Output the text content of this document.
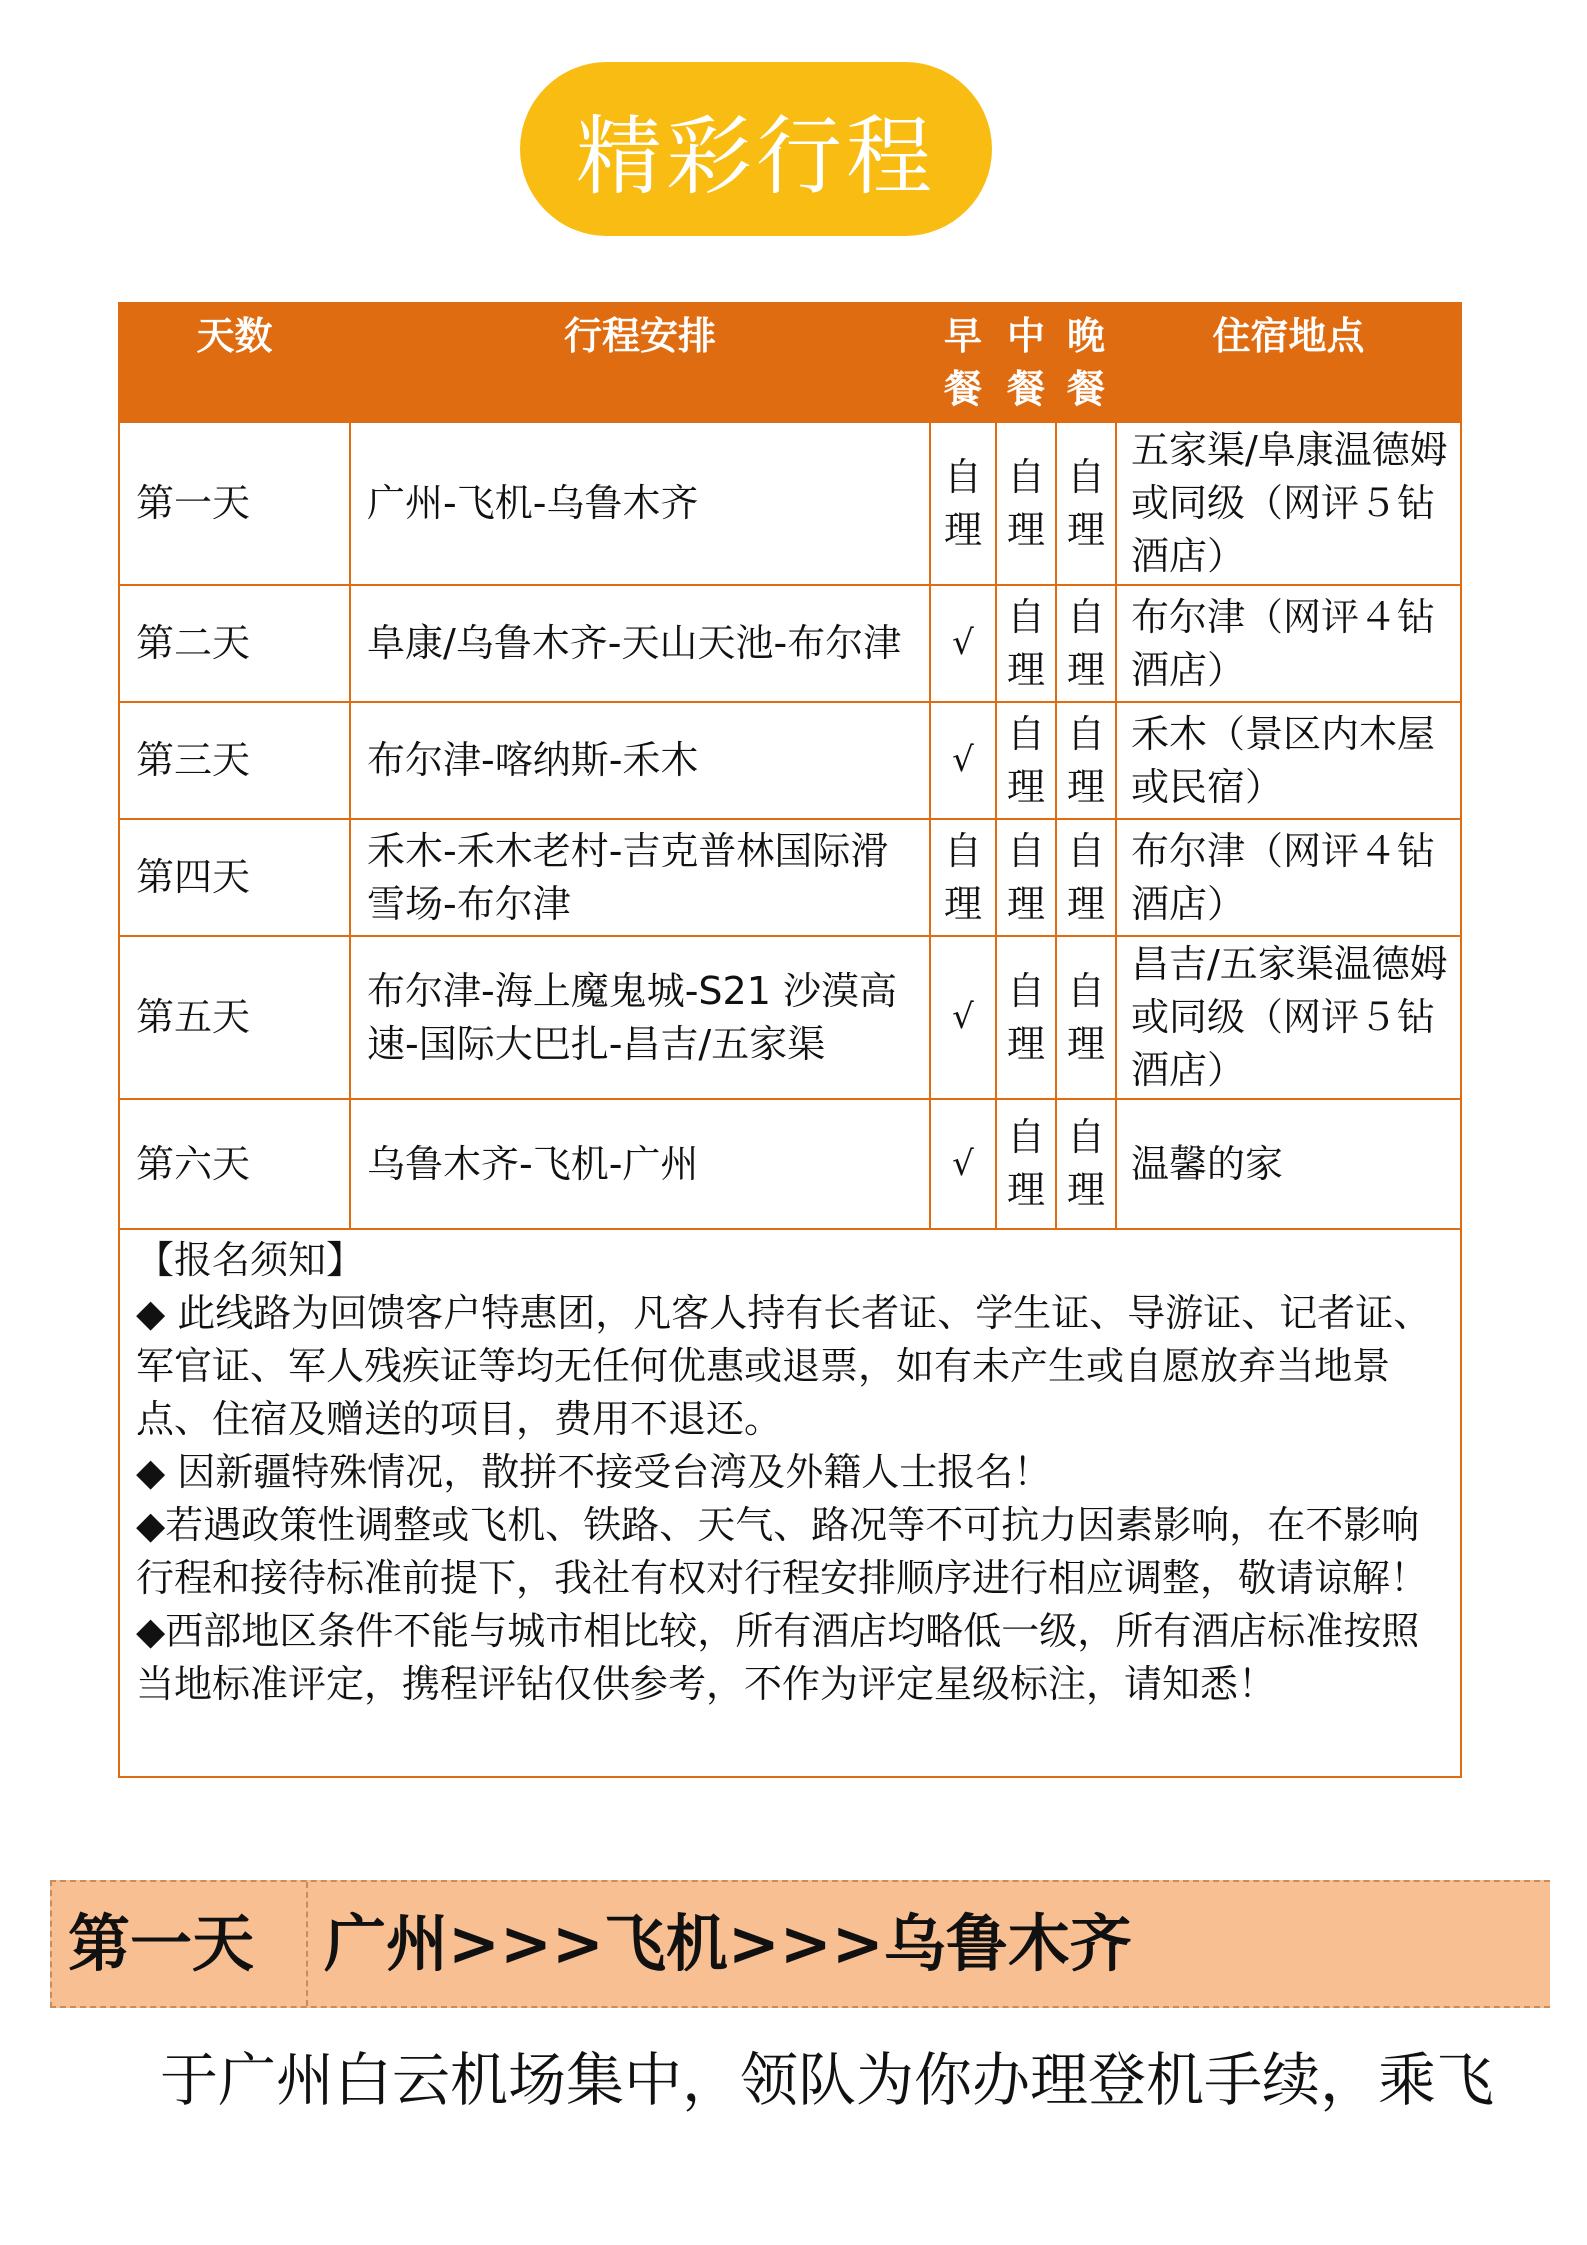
精彩行程
天数	行程安排	早餐	中餐	晚餐	住宿地点
第一天	广州-飞机-乌鲁木齐	自理	自理	自理	五家渠/阜康温德姆或同级（网评５钻酒店）
第二天	阜康/乌鲁木齐-天山天池-布尔津	√	自理	自理	布尔津（网评４钻酒店）
第三天	布尔津-喀纳斯-禾木	√	自理	自理	禾木（景区内木屋或民宿）
第四天	禾木-禾木老村-吉克普林国际滑雪场-布尔津	自理	自理	自理	布尔津（网评４钻酒店）
第五天	布尔津-海上魔鬼城-S21 沙漠高速-国际大巴扎-昌吉/五家渠	√	自理	自理	昌吉/五家渠温德姆或同级（网评５钻酒店）
第六天	乌鲁木齐-飞机-广州	√	自理	自理	温馨的家

【报名须知】

◆ 此线路为回馈客户特惠团，凡客人持有长者证、学生证、导游证、记者证、军官证、军人残疾证等均无任何优惠或退票，如有未产生或自愿放弃当地景点、住宿及赠送的项目，费用不退还。

◆ 因新疆特殊情况，散拼不接受台湾及外籍人士报名！

◆若遇政策性调整或飞机、铁路、天气、路况等不可抗力因素影响，在不影响行程和接待标准前提下，我社有权对行程安排顺序进行相应调整，敬请谅解！

◆西部地区条件不能与城市相比较，所有酒店均略低一级，所有酒店标准按照当地标准评定，携程评钻仅供参考，不作为评定星级标注，请知悉！					

第一天 广州>>>飞机>>>乌鲁木齐
于广州白云机场集中，领队为你办理登机手续，乘飞
